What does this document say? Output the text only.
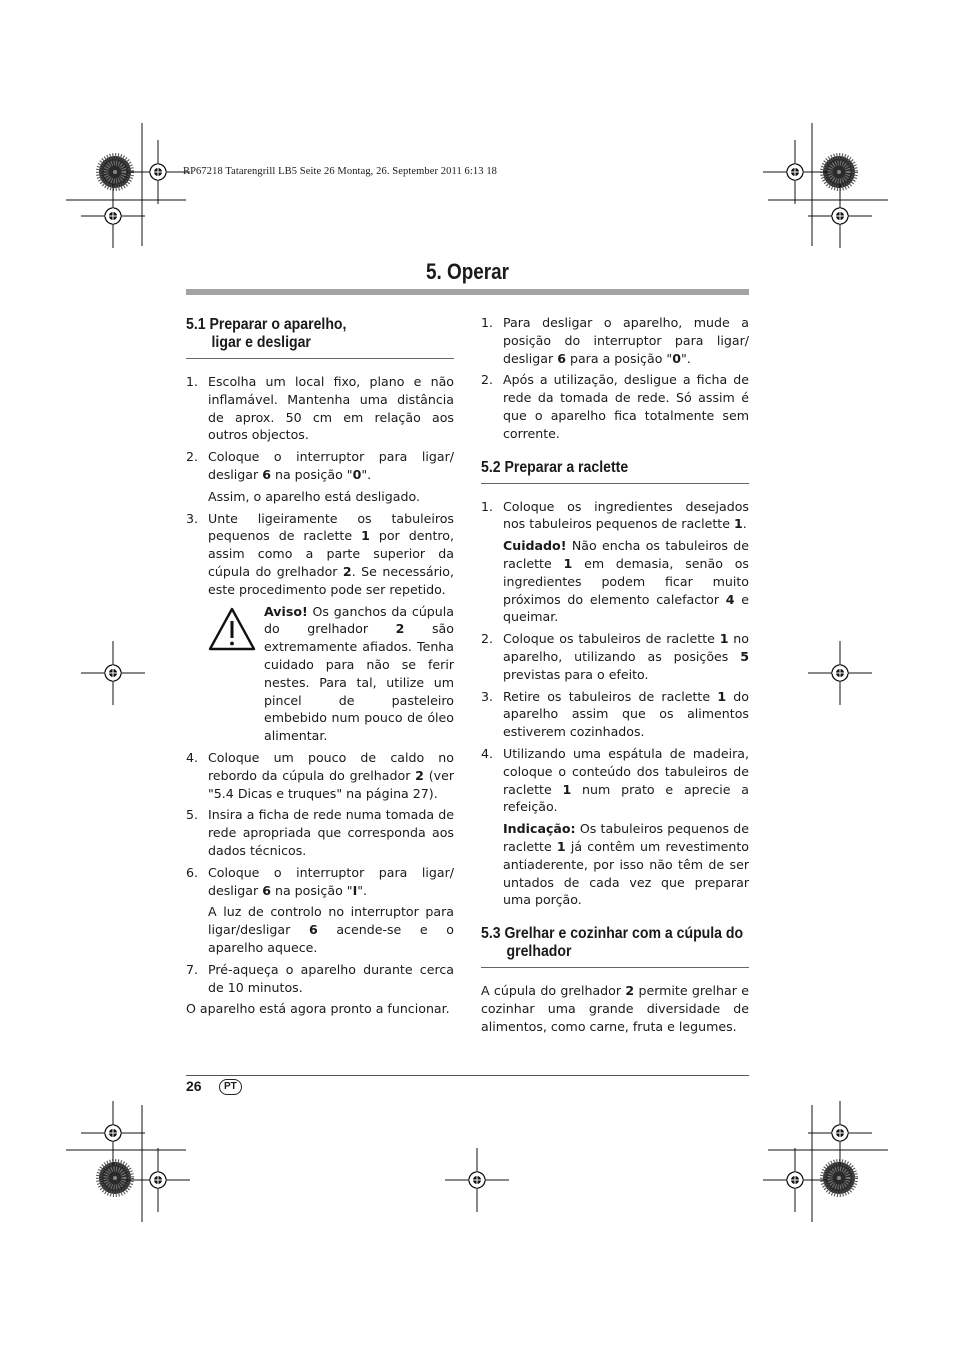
RP67218 Tatarengrill LB5 Seite 26 Montag, 26. September 2011 6:13 18
5. Operar
5.1 Preparar o aparelho,
ligar e desligar
1. Escolha um local fixo, plano e não inflamável. Mantenha uma distância de aprox. 50 cm em relação aos outros objectos.
2. Coloque o interruptor para ligar/ desligar 6 na posição "0".
Assim, o aparelho está desligado.
3. Unte ligeiramente os tabuleiros pequenos de raclette 1 por dentro, assim como a parte superior da cúpula do grelhador 2. Se necessário, este procedimento pode ser repetido.
Aviso! Os ganchos da cúpula do grelhador 2 são extremamente afiados. Tenha cuidado para não se ferir nestes. Para tal, utilize um pincel de pasteleiro embebido num pouco de óleo alimentar.
4. Coloque um pouco de caldo no rebordo da cúpula do grelhador 2 (ver "5.4 Dicas e truques" na página 27).
5. Insira a ficha de rede numa tomada de rede apropriada que corresponda aos dados técnicos.
6. Coloque o interruptor para ligar/ desligar 6 na posição "I".
A luz de controlo no interruptor para ligar/desligar 6 acende-se e o aparelho aquece.
7. Pré-aqueça o aparelho durante cerca de 10 minutos.
O aparelho está agora pronto a funcionar.
1. Para desligar o aparelho, mude a posição do interruptor para ligar/ desligar 6 para a posição "0".
2. Após a utilização, desligue a ficha de rede da tomada de rede. Só assim é que o aparelho fica totalmente sem corrente.
5.2 Preparar a raclette
1. Coloque os ingredientes desejados nos tabuleiros pequenos de raclette 1.
Cuidado! Não encha os tabuleiros de raclette 1 em demasia, senão os ingredientes podem ficar muito próximos do elemento calefactor 4 e queimar.
2. Coloque os tabuleiros de raclette 1 no aparelho, utilizando as posições 5 previstas para o efeito.
3. Retire os tabuleiros de raclette 1 do aparelho assim que os alimentos estiverem cozinhados.
4. Utilizando uma espátula de madeira, coloque o conteúdo dos tabuleiros de raclette 1 num prato e aprecie a refeição.
Indicação: Os tabuleiros pequenos de raclette 1 já contêm um revestimento antiaderente, por isso não têm de ser untados de cada vez que preparar uma porção.
5.3 Grelhar e cozinhar com a cúpula do
grelhador
A cúpula do grelhador 2 permite grelhar e cozinhar uma grande diversidade de alimentos, como carne, fruta e legumes.
26	PT
